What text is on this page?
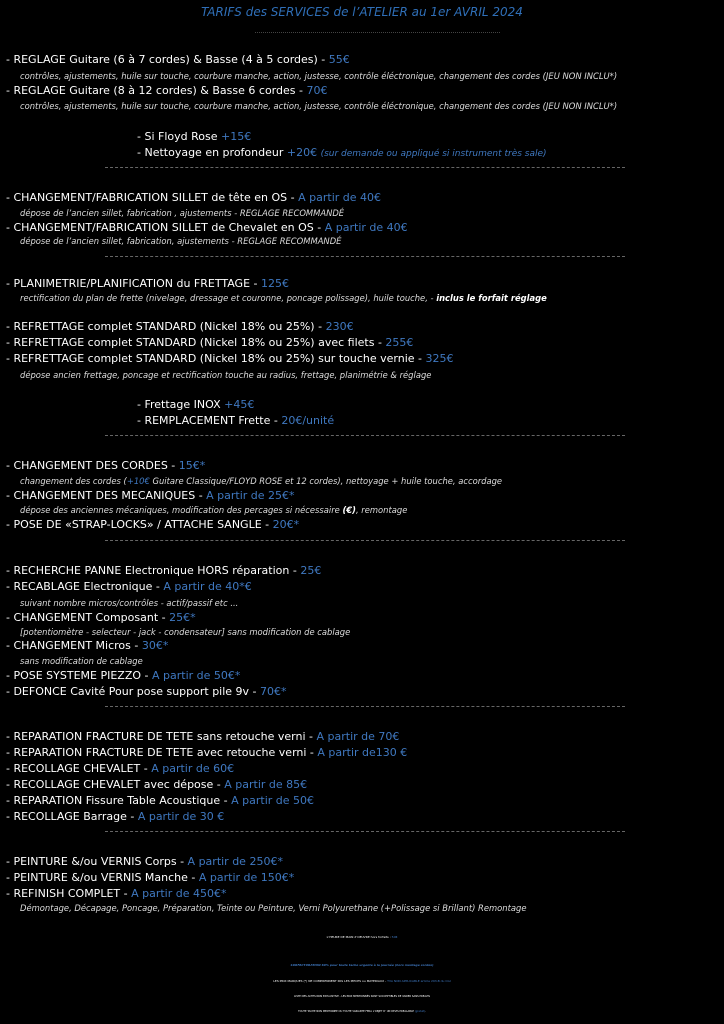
TARIFS des SERVICES de l’ATELIER au 1er AVRIL 2024
- REGLAGE Guitare (6 à 7 cordes) & Basse (4 à 5 cordes) - 55€
contrôles, ajustements, huile sur touche, courbure manche, action, justesse, contrôle éléctronique, changement des cordes (JEU NON INCLU*)
- REGLAGE Guitare (8 à 12 cordes) & Basse 6 cordes - 70€
contrôles, ajustements, huile sur touche, courbure manche, action, justesse, contrôle éléctronique, changement des cordes (JEU NON INCLU*)
- Si Floyd Rose +15€
- Nettoyage en profondeur +20€ (sur demande ou appliqué si instrument très sale)
- CHANGEMENT/FABRICATION SILLET de tête en OS - A partir de 40€
dépose de l’ancien sillet, fabrication , ajustements - REGLAGE RECOMMANDÉ
- CHANGEMENT/FABRICATION SILLET de Chevalet en OS - A partir de 40€
dépose de l’ancien sillet, fabrication, ajustements - REGLAGE RECOMMANDÉ
- PLANIMETRIE/PLANIFICATION du FRETTAGE - 125€
rectification du plan de frette (nivelage, dressage et couronne, poncage polissage), huile touche, - inclus le forfait réglage
- REFRETTAGE complet STANDARD (Nickel 18% ou 25%) - 230€
- REFRETTAGE complet STANDARD (Nickel 18% ou 25%) avec filets - 255€
- REFRETTAGE complet STANDARD (Nickel 18% ou 25%) sur touche vernie - 325€
dépose ancien frettage, poncage et rectification touche au radius, frettage, planimétrie & réglage
- Frettage INOX +45€
- REMPLACEMENT Frette - 20€/unité
- CHANGEMENT DES CORDES - 15€*
changement des cordes (+10€ Guitare Classique/FLOYD ROSE et 12 cordes), nettoyage + huile touche, accordage
- CHANGEMENT DES MECANIQUES - A partir de 25€*
dépose des anciennes mécaniques, modification des percages si nécessaire (€), remontage
- POSE DE «STRAP-LOCKS» / ATTACHE SANGLE - 20€*
- RECHERCHE PANNE Electronique HORS réparation - 25€
- RECABLAGE Electronique - A partir de 40*€
suivant nombre micros/contrôles - actif/passif etc ...
- CHANGEMENT Composant - 25€*
[potentiomètre - selecteur - jack - condensateur] sans modification de cablage
- CHANGEMENT Micros - 30€*
sans modification de cablage
- POSE SYSTEME PIEZZO - A partir de 50€*
- DEFONCE Cavité Pour pose support pile 9v - 70€*
- REPARATION FRACTURE DE TETE sans retouche verni - A partir de 70€
- REPARATION FRACTURE DE TETE avec retouche verni - A partir de130 €
- RECOLLAGE CHEVALET - A partir de 60€
- RECOLLAGE CHEVALET avec dépose - A partir de 85€
- REPARATION Fissure Table Acoustique - A partir de 50€
- RECOLLAGE Barrage - A partir de 30 €
- PEINTURE &/ou VERNIS Corps - A partir de 250€*
- PEINTURE &/ou VERNIS Manche - A partir de 150€*
- REFINISH COMPLET - A partir de 450€*
Démontage, Décapage, Poncage, Préparation, Teinte ou Peinture, Verni Polyurethane (+Polissage si Brillant) Remontage
L’HEURE DE MAIN d’OEUVRE hors forfaits : 50€
SURFACTURATION 60% pour toute tache urgente à la journée (hors montage cordes)
LES PRIX MARQUES (*) NE COMPRENNENT PAS LES PIECES ou MATERIAUX - TVA NON APPLICABLE article 293-B du CGI
LISTE DES ACTES NON EXHAUSTIVE - LES PRIX MENTIONNÉS SONT SUCCEPTIBLES DE VARIER SANS PREAVIS
TOUTE TACHE NON MENTIONEE OU TOUTE VARIANTE FERA L’OBJET D’ UN DEVIS PREALABLE (gratuit).
